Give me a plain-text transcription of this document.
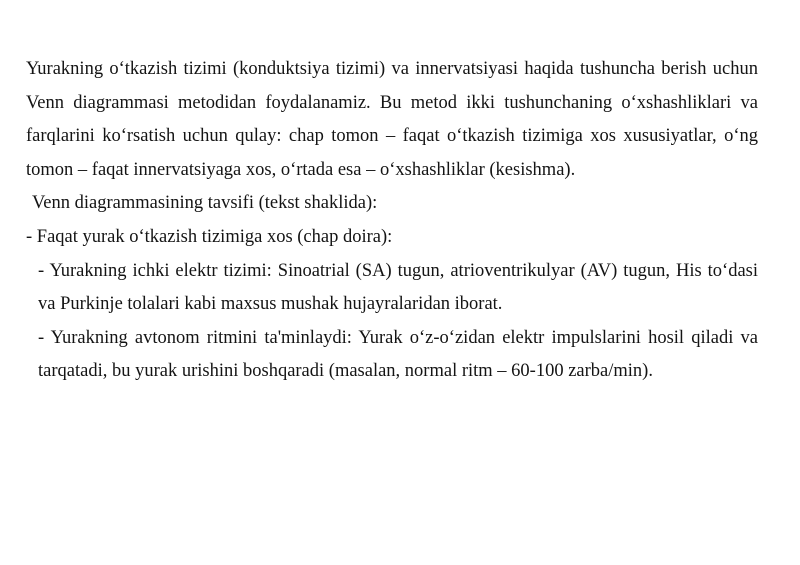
Yurakning o‘tkazish tizimi (konduktsiya tizimi) va innervatsiyasi haqida tushuncha berish uchun Venn diagrammasi metodidan foydalanamiz. Bu metod ikki tushunchaning o‘xshashliklari va farqlarini ko‘rsatish uchun qulay: chap tomon – faqat o‘tkazish tizimiga xos xususiyatlar, o‘ng tomon – faqat innervatsiyaga xos, o‘rtada esa – o‘xshashliklar (kesishma).

Venn diagrammasining tavsifi (tekst shaklida):

- Faqat yurak o‘tkazish tizimiga xos (chap doira):

- Yurakning ichki elektr tizimi: Sinoatrial (SA) tugun, atrioventrikulyar (AV) tugun, His to‘dasi va Purkinje tolalari kabi maxsus mushak hujayralaridan iborat.

- Yurakning avtonom ritmini ta'minlaydi: Yurak o‘z-o‘zidan elektr impulslarini hosil qiladi va tarqatadi, bu yurak urishini boshqaradi (masalan, normal ritm – 60-100 zarba/min).
